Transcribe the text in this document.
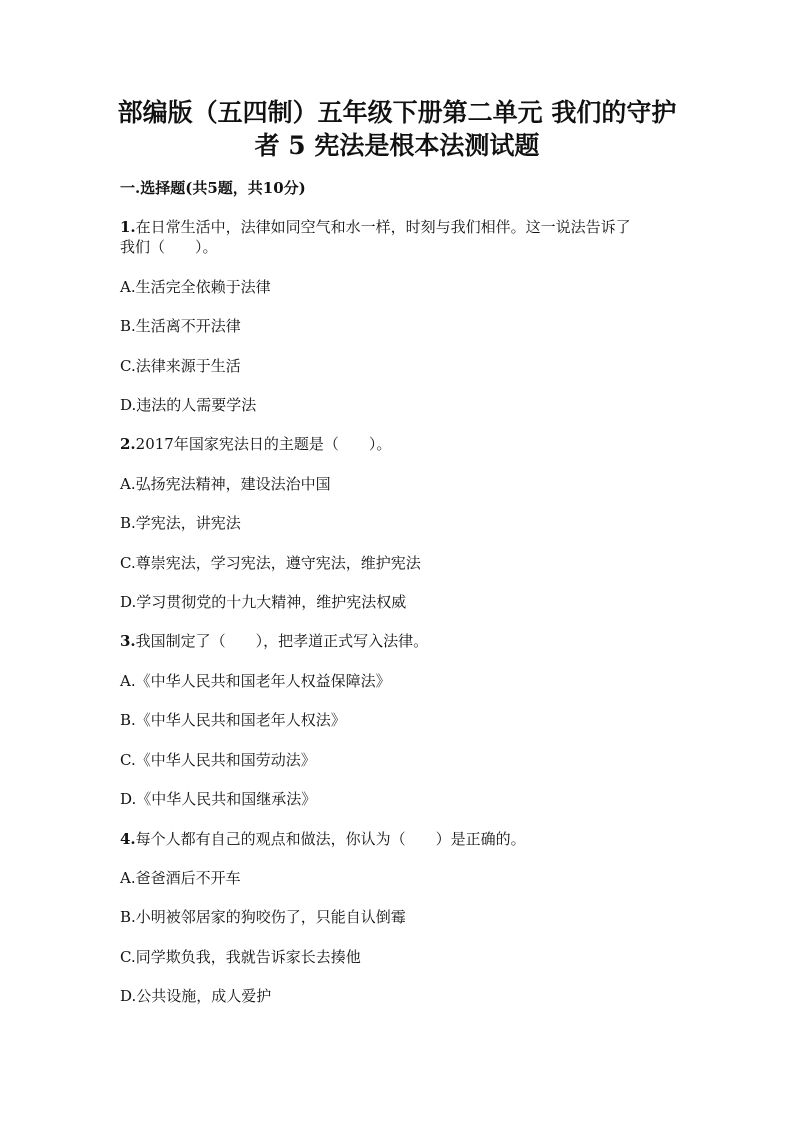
部编版（五四制）五年级下册第二单元 我们的守护
者 5 宪法是根本法测试题
一.选择题(共5题，共10分)
1.在日常生活中，法律如同空气和水一样，时刻与我们相伴。这一说法告诉了
我们（　　）。
A.生活完全依赖于法律
B.生活离不开法律
C.法律来源于生活
D.违法的人需要学法
2.2017年国家宪法日的主题是（　　）。
A.弘扬宪法精神，建设法治中国
B.学宪法，讲宪法
C.尊崇宪法，学习宪法，遵守宪法，维护宪法
D.学习贯彻党的十九大精神，维护宪法权威
3.我国制定了（　　），把孝道正式写入法律。
A.《中华人民共和国老年人权益保障法》
B.《中华人民共和国老年人权法》
C.《中华人民共和国劳动法》
D.《中华人民共和国继承法》
4.每个人都有自己的观点和做法，你认为（　　）是正确的。
A.爸爸酒后不开车
B.小明被邻居家的狗咬伤了，只能自认倒霉
C.同学欺负我，我就告诉家长去揍他
D.公共设施，成人爱护
